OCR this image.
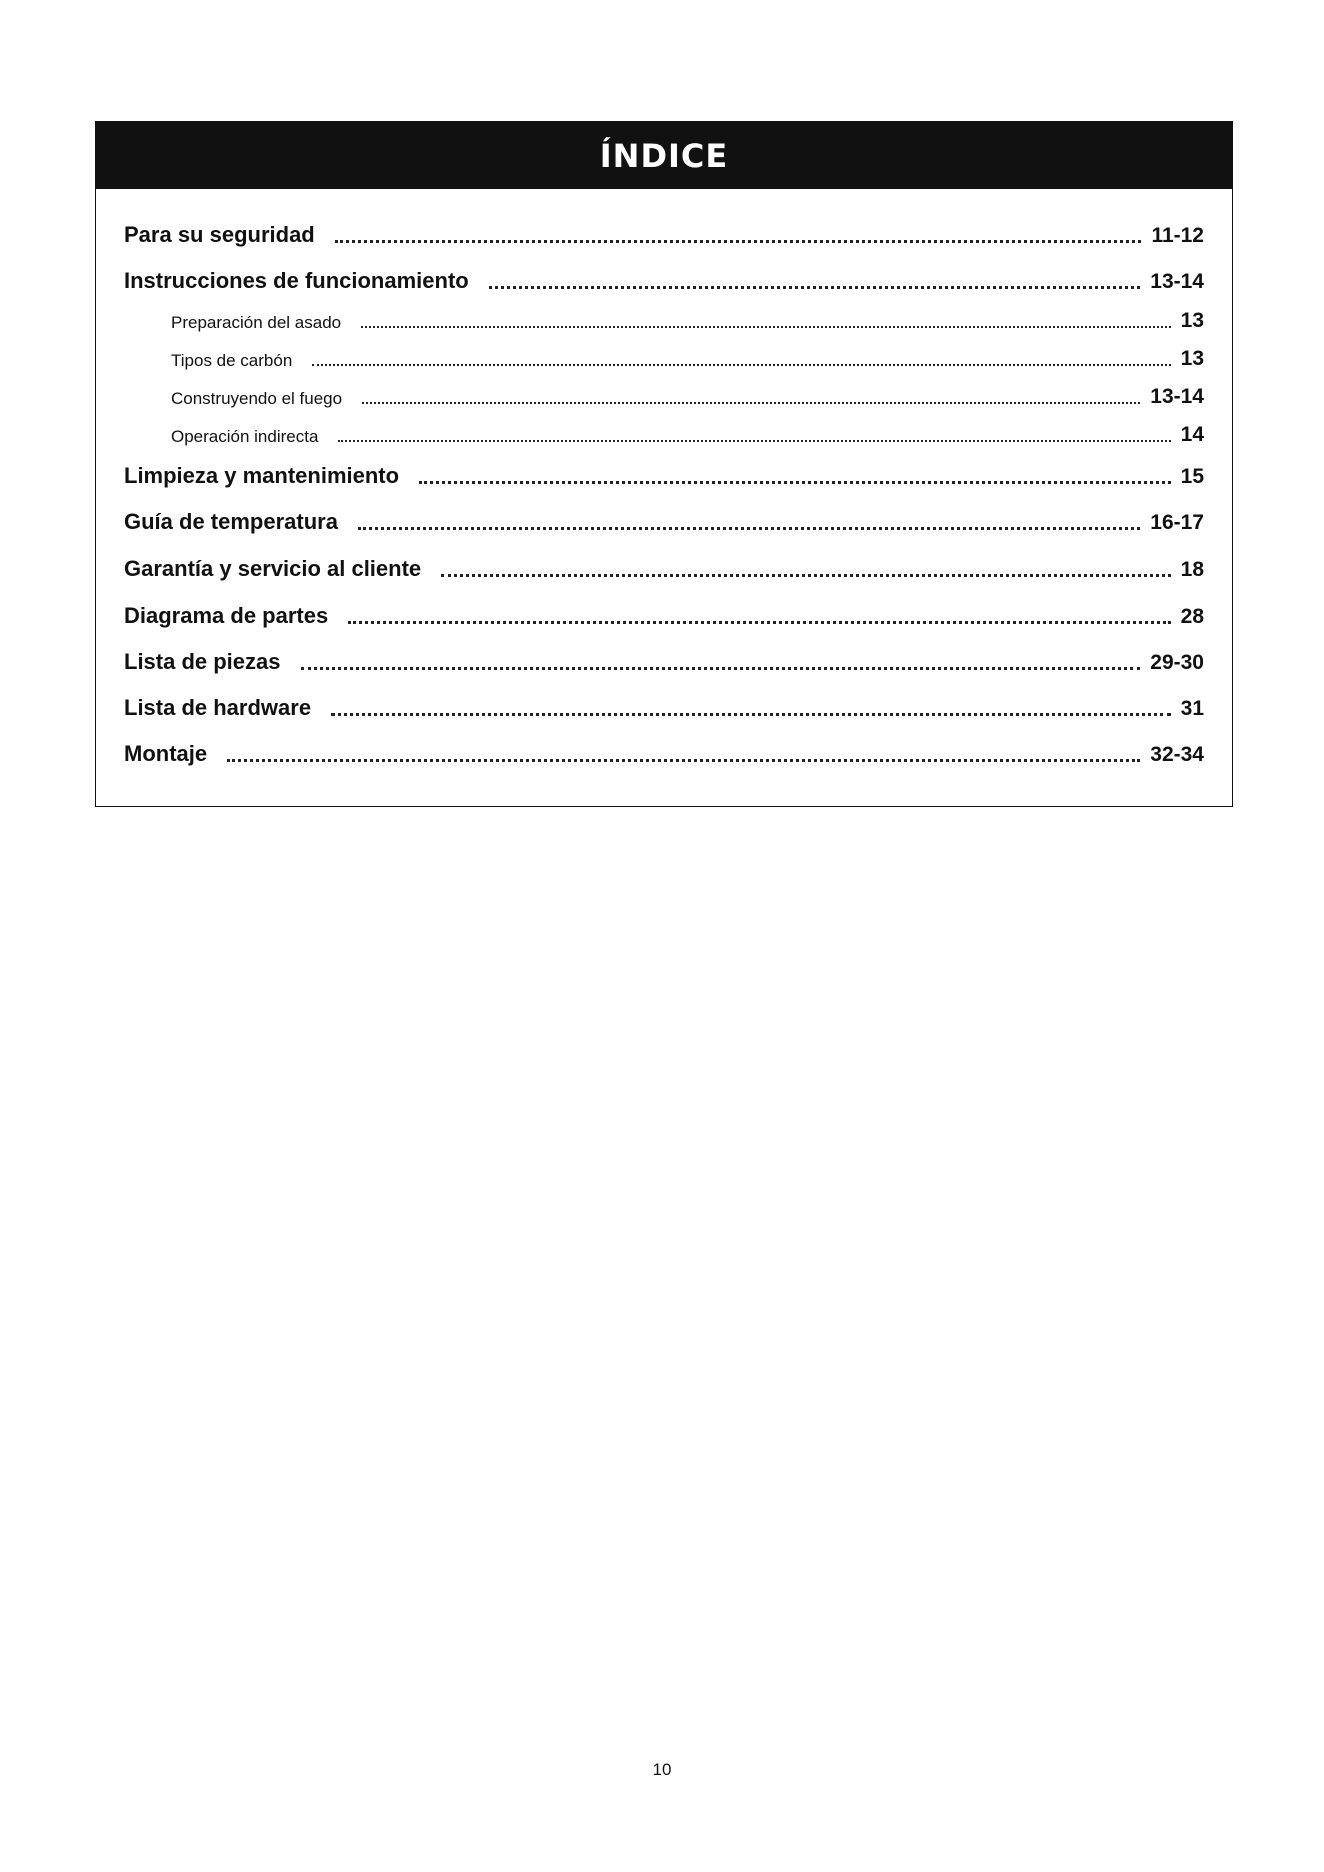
ÍNDICE
Para su seguridad	11-12
Instrucciones de funcionamiento	13-14
Preparación del asado	13
Tipos de carbón	13
Construyendo el fuego	13-14
Operación indirecta	14
Limpieza y mantenimiento	15
Guía de temperatura	16-17
Garantía y servicio al cliente	18
Diagrama de partes	28
Lista de piezas	29-30
Lista de hardware	31
Montaje	32-34
10
